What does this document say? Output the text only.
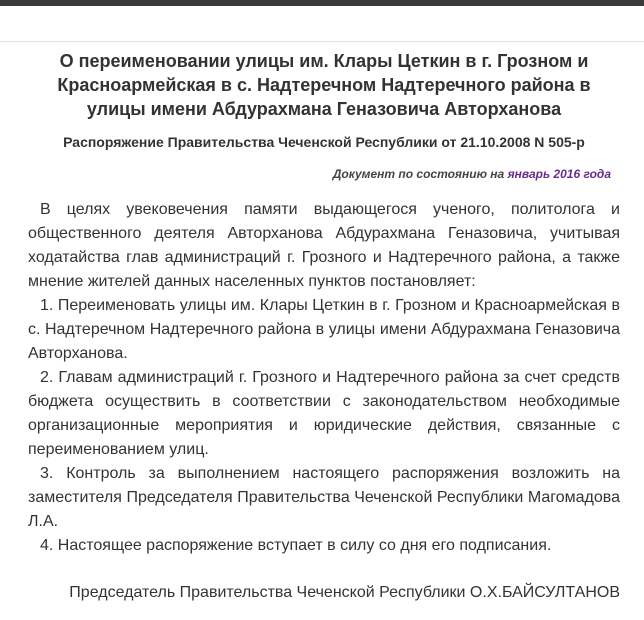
О переименовании улицы им. Клары Цеткин в г. Грозном и Красноармейская в с. Надтеречном Надтеречного района в улицы имени Абдурахмана Геназовича Авторханова
Распоряжение Правительства Чеченской Республики от 21.10.2008 N 505-р
Документ по состоянию на январь 2016 года

В целях увековечения памяти выдающегося ученого, политолога и общественного деятеля Авторханова Абдурахмана Геназовича, учитывая ходатайства глав администраций г. Грозного и Надтеречного района, а также мнение жителей данных населенных пунктов постановляет:

1. Переименовать улицы им. Клары Цеткин в г. Грозном и Красноармейская в с. Надтеречном Надтеречного района в улицы имени Абдурахмана Геназовича Авторханова.

2. Главам администраций г. Грозного и Надтеречного района за счет средств бюджета осуществить в соответствии с законодательством необходимые организационные мероприятия и юридические действия, связанные с переименованием улиц.

3. Контроль за выполнением настоящего распоряжения возложить на заместителя Председателя Правительства Чеченской Республики Магомадова Л.А.

4. Настоящее распоряжение вступает в силу со дня его подписания.

Председатель Правительства Чеченской Республики О.Х.БАЙСУЛТАНОВ
